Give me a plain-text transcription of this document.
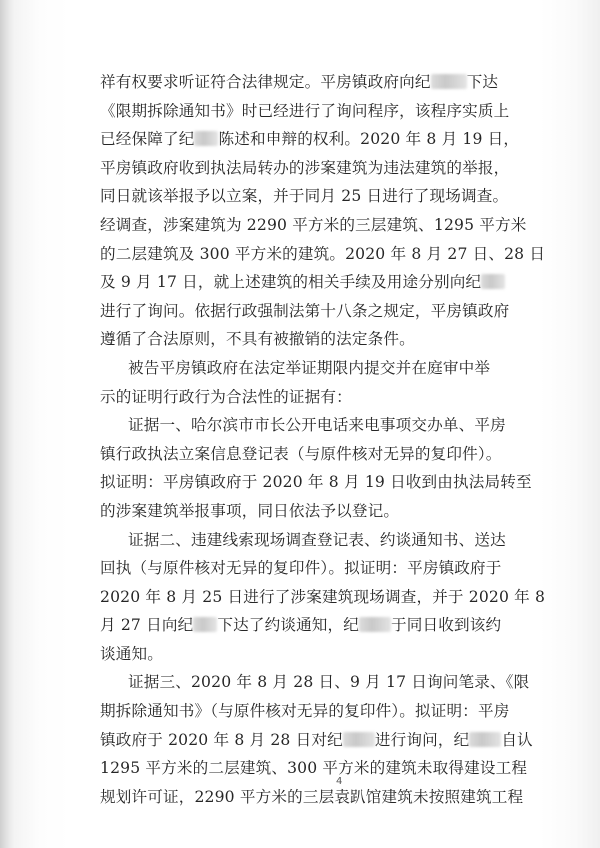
祥有权要求听证符合法律规定。平房镇政府向纪 下达
《限期拆除通知书》时已经进行了询问程序，该程序实质上
已经保障了纪 陈述和申辩的权利。2020 年 8 月 19 日，
平房镇政府收到执法局转办的涉案建筑为违法建筑的举报，
同日就该举报予以立案，并于同月 25 日进行了现场调查。
经调查，涉案建筑为 2290 平方米的三层建筑、1295 平方米
的二层建筑及 300 平方米的建筑。2020 年 8 月 27 日、28 日
及 9 月 17 日，就上述建筑的相关手续及用途分别向纪
进行了询问。依据行政强制法第十八条之规定，平房镇政府
遵循了合法原则，不具有被撤销的法定条件。
被告平房镇政府在法定举证期限内提交并在庭审中举
示的证明行政行为合法性的证据有：
证据一、哈尔滨市市长公开电话来电事项交办单、平房
镇行政执法立案信息登记表（与原件核对无异的复印件）。
拟证明：平房镇政府于 2020 年 8 月 19 日收到由执法局转至
的涉案建筑举报事项，同日依法予以登记。
证据二、违建线索现场调查登记表、约谈通知书、送达
回执（与原件核对无异的复印件）。拟证明：平房镇政府于
2020 年 8 月 25 日进行了涉案建筑现场调查，并于 2020 年 8
月 27 日向纪 下达了约谈通知，纪 于同日收到该约
谈通知。
证据三、2020 年 8 月 28 日、9 月 17 日询问笔录、《限
期拆除通知书》（与原件核对无异的复印件）。拟证明：平房
镇政府于 2020 年 8 月 28 日对纪 进行询问，纪 自认
1295 平方米的二层建筑、300 平方米的建筑未取得建设工程
规划许可证，2290 平方米的三层袁趴馆建筑未按照建筑工程
4
